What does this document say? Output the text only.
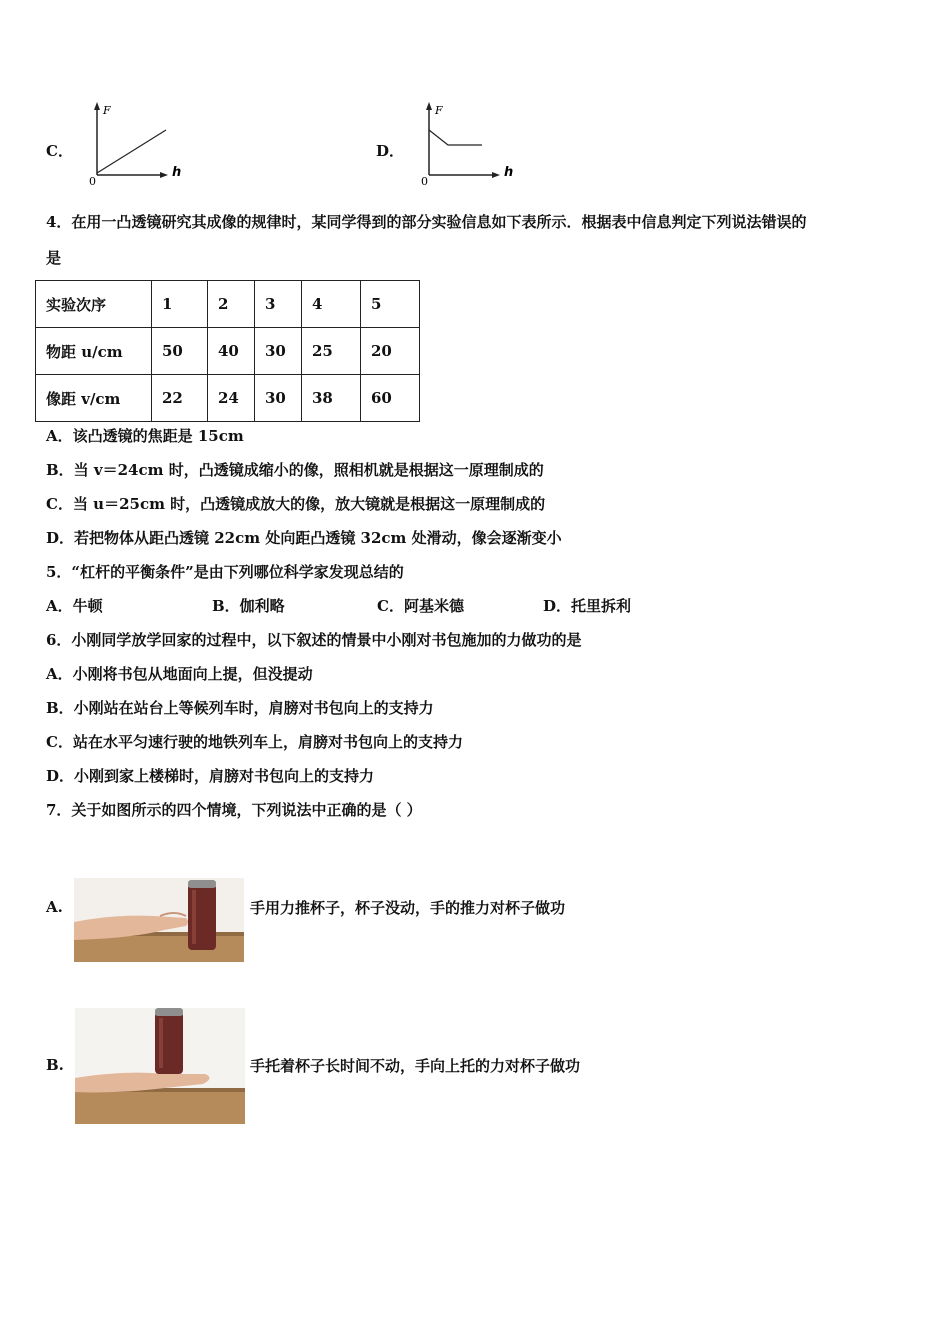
C．
F
h
0
D．
F
h
0
4．在用一凸透镜研究其成像的规律时，某同学得到的部分实验信息如下表所示．根据表中信息判定下列说法错误的
是
实验次序	1	2	3	4	5
物距 u/cm	50	40	30	25	20
像距 v/cm	22	24	30	38	60
A．该凸透镜的焦距是 15cm
B．当 v＝24cm 时，凸透镜成缩小的像，照相机就是根据这一原理制成的
C．当 u＝25cm 时，凸透镜成放大的像，放大镜就是根据这一原理制成的
D．若把物体从距凸透镜 22cm 处向距凸透镜 32cm 处滑动，像会逐渐变小
5．“杠杆的平衡条件”是由下列哪位科学家发现总结的
A．牛顿	B．伽利略	C．阿基米德	D．托里拆利
6．小刚同学放学回家的过程中，以下叙述的情景中小刚对书包施加的力做功的是
A．小刚将书包从地面向上提，但没提动
B．小刚站在站台上等候列车时，肩膀对书包向上的支持力
C．站在水平匀速行驶的地铁列车上，肩膀对书包向上的支持力
D．小刚到家上楼梯时，肩膀对书包向上的支持力
7．关于如图所示的四个情境，下列说法中正确的是（ ）
A.	手用力推杯子，杯子没动，手的推力对杯子做功
B.	手托着杯子长时间不动，手向上托的力对杯子做功
